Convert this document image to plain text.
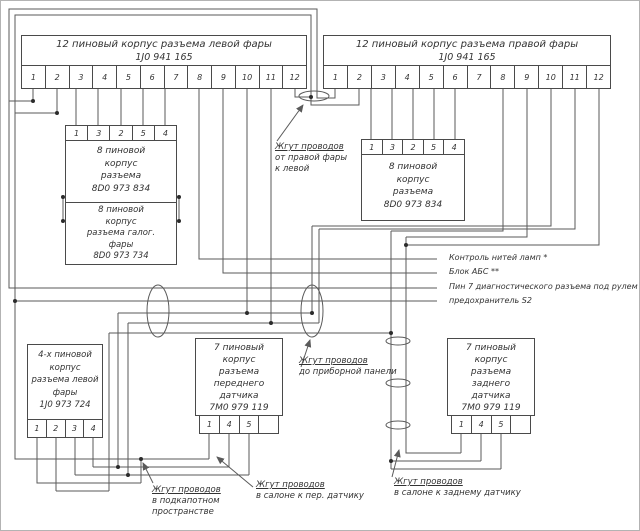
12 пиновый корпус разъема левой фары
1J0 941 165
1	2	3	4	5	6	7	8	9	10	11	12
12 пиновый корпус разъема правой фары
1J0 941 165
1	2	3	4	5	6	7	8	9	10	11	12
1	3	2	5	4
8 пиновой
корпус
разъема
8D0 973 834
8 пиновой
корпус
разъема галог.
фары
8D0 973 734
1	3	2	5	4
8 пиновой
корпус
разъема
8D0 973 834
4-х пиновой
корпус
разъема левой
фары
1J0 973 724
1	2	3	4
7 пиновый
корпус
разъема
переднего
датчика
7M0 979 119
1	4	5
7 пиновый
корпус
разъема
заднего
датчика
7M0 979 119
1	4	5
Контроль нитей ламп *
Блок АБС **
Пин 7 диагностического разъема под рулем
предохранитель S2
Жгут проводов
от правой фары
к левой
Жгут проводов
до приборной панели
Жгут проводов
в подкапотном
пространстве
Жгут проводов
в салоне к пер. датчику
Жгут проводов
в салоне к заднему датчику
